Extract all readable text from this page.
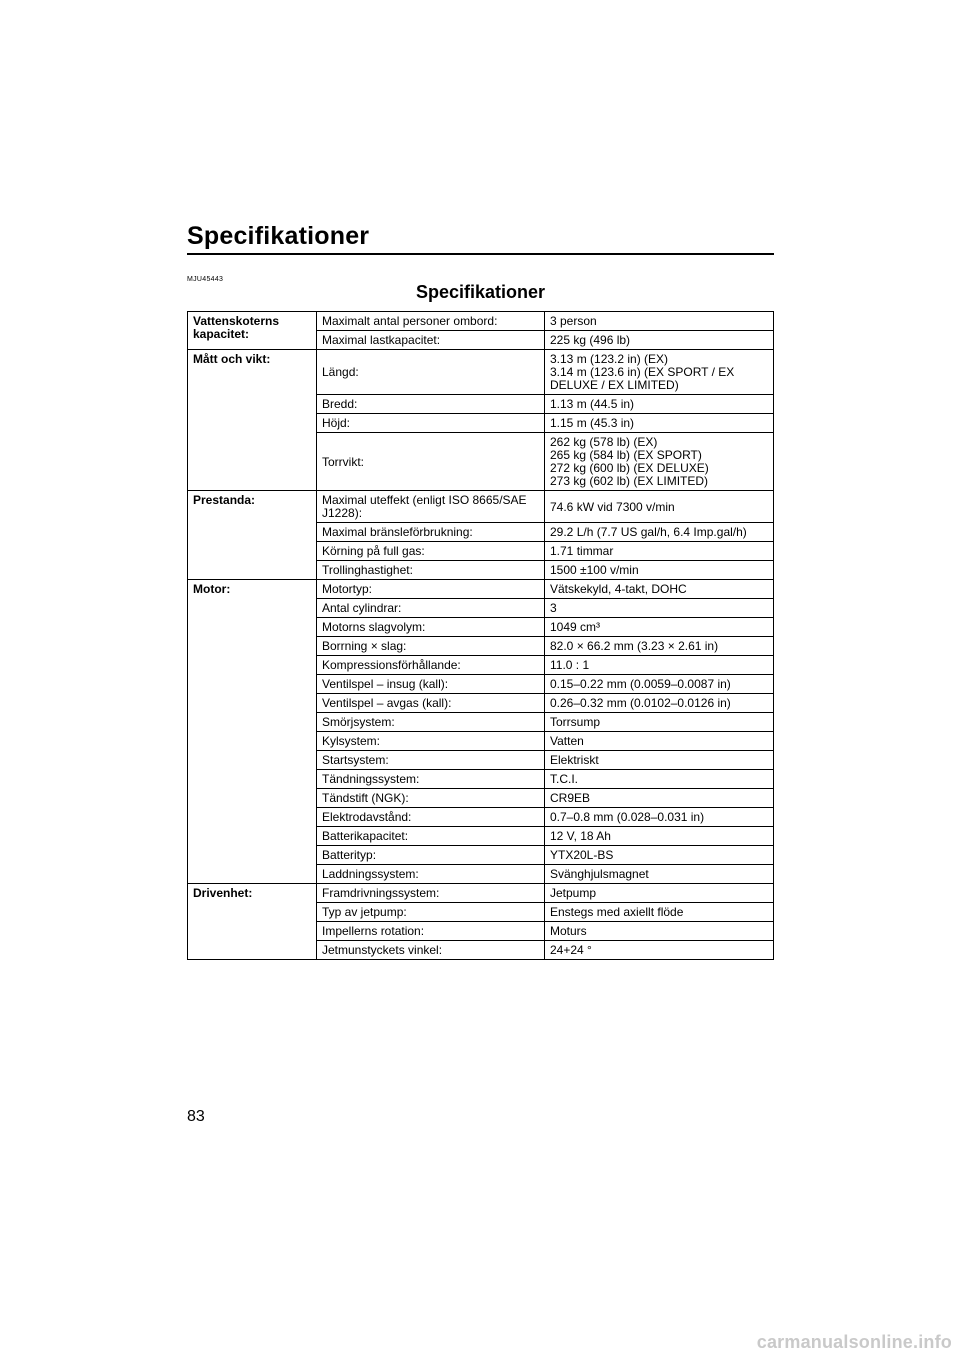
Specifikationer
MJU45443
Specifikationer
Vattenskoterns kapacitet:	Maximalt antal personer ombord:	3 person
	Maximal lastkapacitet:	225 kg (496 lb)
Mått och vikt:	Längd:	3.13 m (123.2 in) (EX)
3.14 m (123.6 in) (EX SPORT / EX DELUXE / EX LIMITED)
	Bredd:	1.13 m (44.5 in)
	Höjd:	1.15 m (45.3 in)
	Torrvikt:	262 kg (578 lb) (EX)
265 kg (584 lb) (EX SPORT)
272 kg (600 lb) (EX DELUXE)
273 kg (602 lb) (EX LIMITED)
Prestanda:	Maximal uteffekt (enligt ISO 8665/SAE J1228):	74.6 kW vid 7300 v/min
	Maximal bränsleförbrukning:	29.2 L/h (7.7 US gal/h, 6.4 Imp.gal/h)
	Körning på full gas:	1.71 timmar
	Trollinghastighet:	1500 ±100 v/min
Motor:	Motortyp:	Vätskekyld, 4-takt, DOHC
	Antal cylindrar:	3
	Motorns slagvolym:	1049 cm³
	Borrning × slag:	82.0 × 66.2 mm (3.23 × 2.61 in)
	Kompressionsförhållande:	11.0 : 1
	Ventilspel – insug (kall):	0.15–0.22 mm (0.0059–0.0087 in)
	Ventilspel – avgas (kall):	0.26–0.32 mm (0.0102–0.0126 in)
	Smörjsystem:	Torrsump
	Kylsystem:	Vatten
	Startsystem:	Elektriskt
	Tändningssystem:	T.C.I.
	Tändstift (NGK):	CR9EB
	Elektrodavstånd:	0.7–0.8 mm (0.028–0.031 in)
	Batterikapacitet:	12 V, 18 Ah
	Batterityp:	YTX20L-BS
	Laddningssystem:	Svänghjulsmagnet
Drivenhet:	Framdrivningssystem:	Jetpump
	Typ av jetpump:	Enstegs med axiellt flöde
	Impellerns rotation:	Moturs
	Jetmunstyckets vinkel:	24+24 °
83
carmanualsonline.info
